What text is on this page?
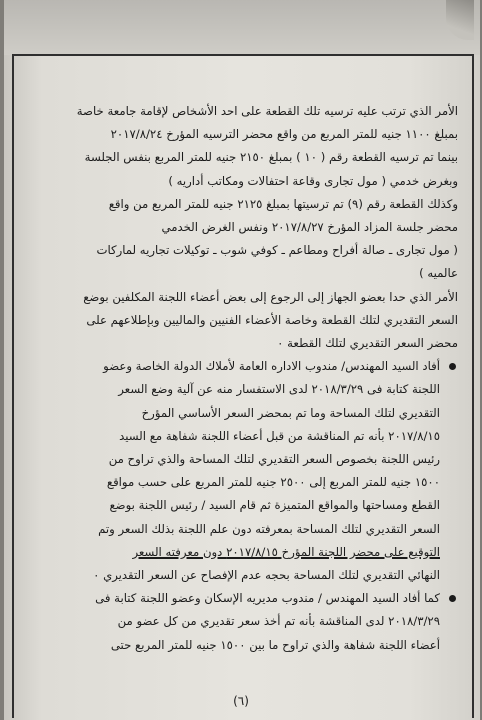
الأمر الذي ترتب عليه ترسيه تلك القطعة على احد الأشخاص لإقامة جامعة خاصة

بمبلغ ١١٠٠ جنيه للمتر المربع من واقع محضر الترسيه المؤرخ ٢٠١٧/٨/٢٤

بينما تم ترسيه القطعة رقم ( ١٠ ) بمبلغ ٢١٥٠ جنيه للمتر المربع بنفس الجلسة

وبغرض خدمي ( مول تجارى وقاعة احتفالات ومكاتب أداريه )

وكذلك القطعة رقم (٩) تم ترسيتها بمبلغ ٢١٢٥ جنيه للمتر المربع من واقع

محضر جلسة المزاد المؤرخ ٢٠١٧/٨/٢٧ ونفس الغرض الخدمي

( مول تجارى ـ صالة أفراح ومطاعم ـ كوفي شوب ـ توكيلات تجاريه لماركات

عالميه )

الأمر الذي حدا بعضو الجهاز إلى الرجوع إلى بعض أعضاء اللجنة المكلفين بوضع

السعر التقديري لتلك القطعة وخاصة الأعضاء الفنيين والماليين وبإطلاعهم على

محضر السعر التقديري لتلك القطعة ٠

أفاد السيد المهندس/ مندوب الاداره العامة لأملاك الدولة الخاصة وعضو

اللجنة كتابة فى ٢٠١٨/٣/٢٩ لدى الاستفسار منه عن آلية وضع السعر

التقديري لتلك المساحة وما تم بمحضر السعر الأساسي المؤرخ

٢٠١٧/٨/١٥ بأنه تم المناقشة من قبل أعضاء اللجنة شفاهة مع السيد

رئيس اللجنة بخصوص السعر التقديري لتلك المساحة والذي تراوح من

١٥٠٠ جنيه للمتر المربع إلى ٢٥٠٠ جنيه للمتر المربع على حسب مواقع

القطع ومساحتها والمواقع المتميزة ثم قام السيد / رئيس اللجنة بوضع

السعر التقديري لتلك المساحة بمعرفته دون علم اللجنة بذلك السعر وتم

التوقيع على محضر اللجنة المؤرخ ٢٠١٧/٨/١٥ دون معرفته السعر

النهائي التقديري لتلك المساحة بحجه عدم الإفصاح عن السعر التقديري ٠

كما أفاد السيد المهندس / مندوب مديريه الإسكان وعضو اللجنة كتابة فى

٢٠١٨/٣/٢٩ لدى المناقشة بأنه تم أخذ سعر تقديري من كل عضو من

أعضاء اللجنة شفاهة والذي تراوح ما بين ١٥٠٠ جنيه للمتر المربع حتى

(٦)
